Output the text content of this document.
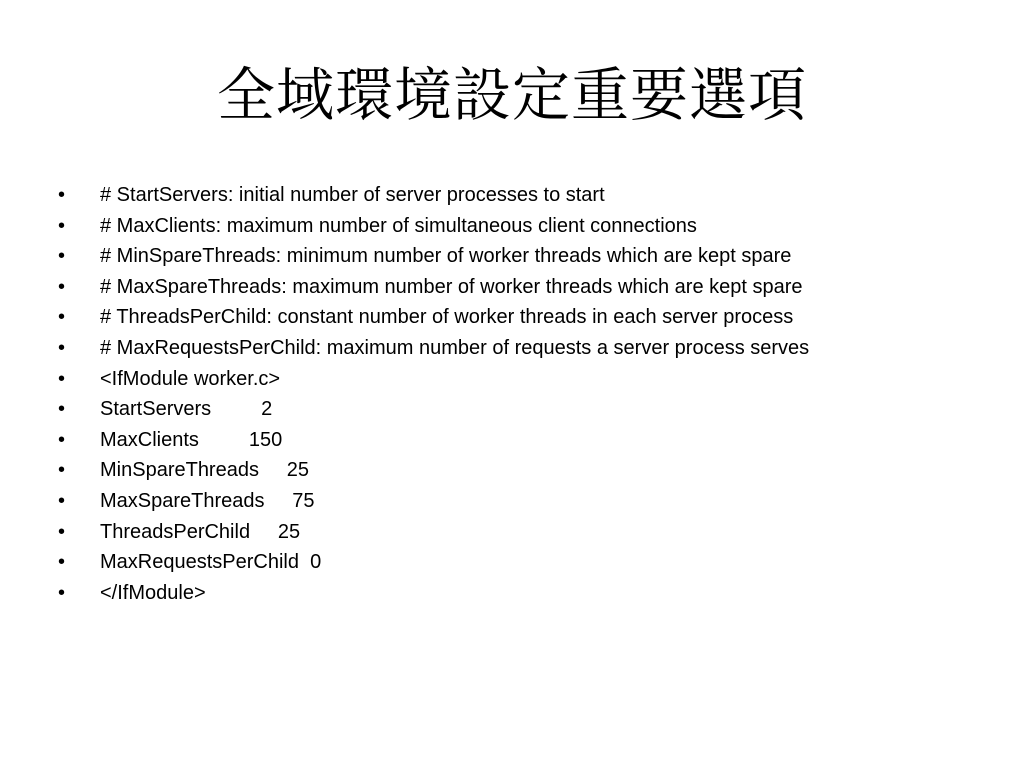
全域環境設定重要選項

•

	# StartServers: initial number of server processes to start

•

	# MaxClients: maximum number of simultaneous client connections

•

	# MinSpareThreads: minimum number of worker threads which are kept spare

•

	# MaxSpareThreads: maximum number of worker threads which are kept spare

•

	# ThreadsPerChild: constant number of worker threads in each server process

•

	# MaxRequestsPerChild: maximum number of requests a server process serves

•

	<IfModule worker.c>

•

	StartServers         2

•

	MaxClients         150

•

	MinSpareThreads     25

•

	MaxSpareThreads     75

•

	ThreadsPerChild     25

•

	MaxRequestsPerChild  0

•

	</IfModule>
